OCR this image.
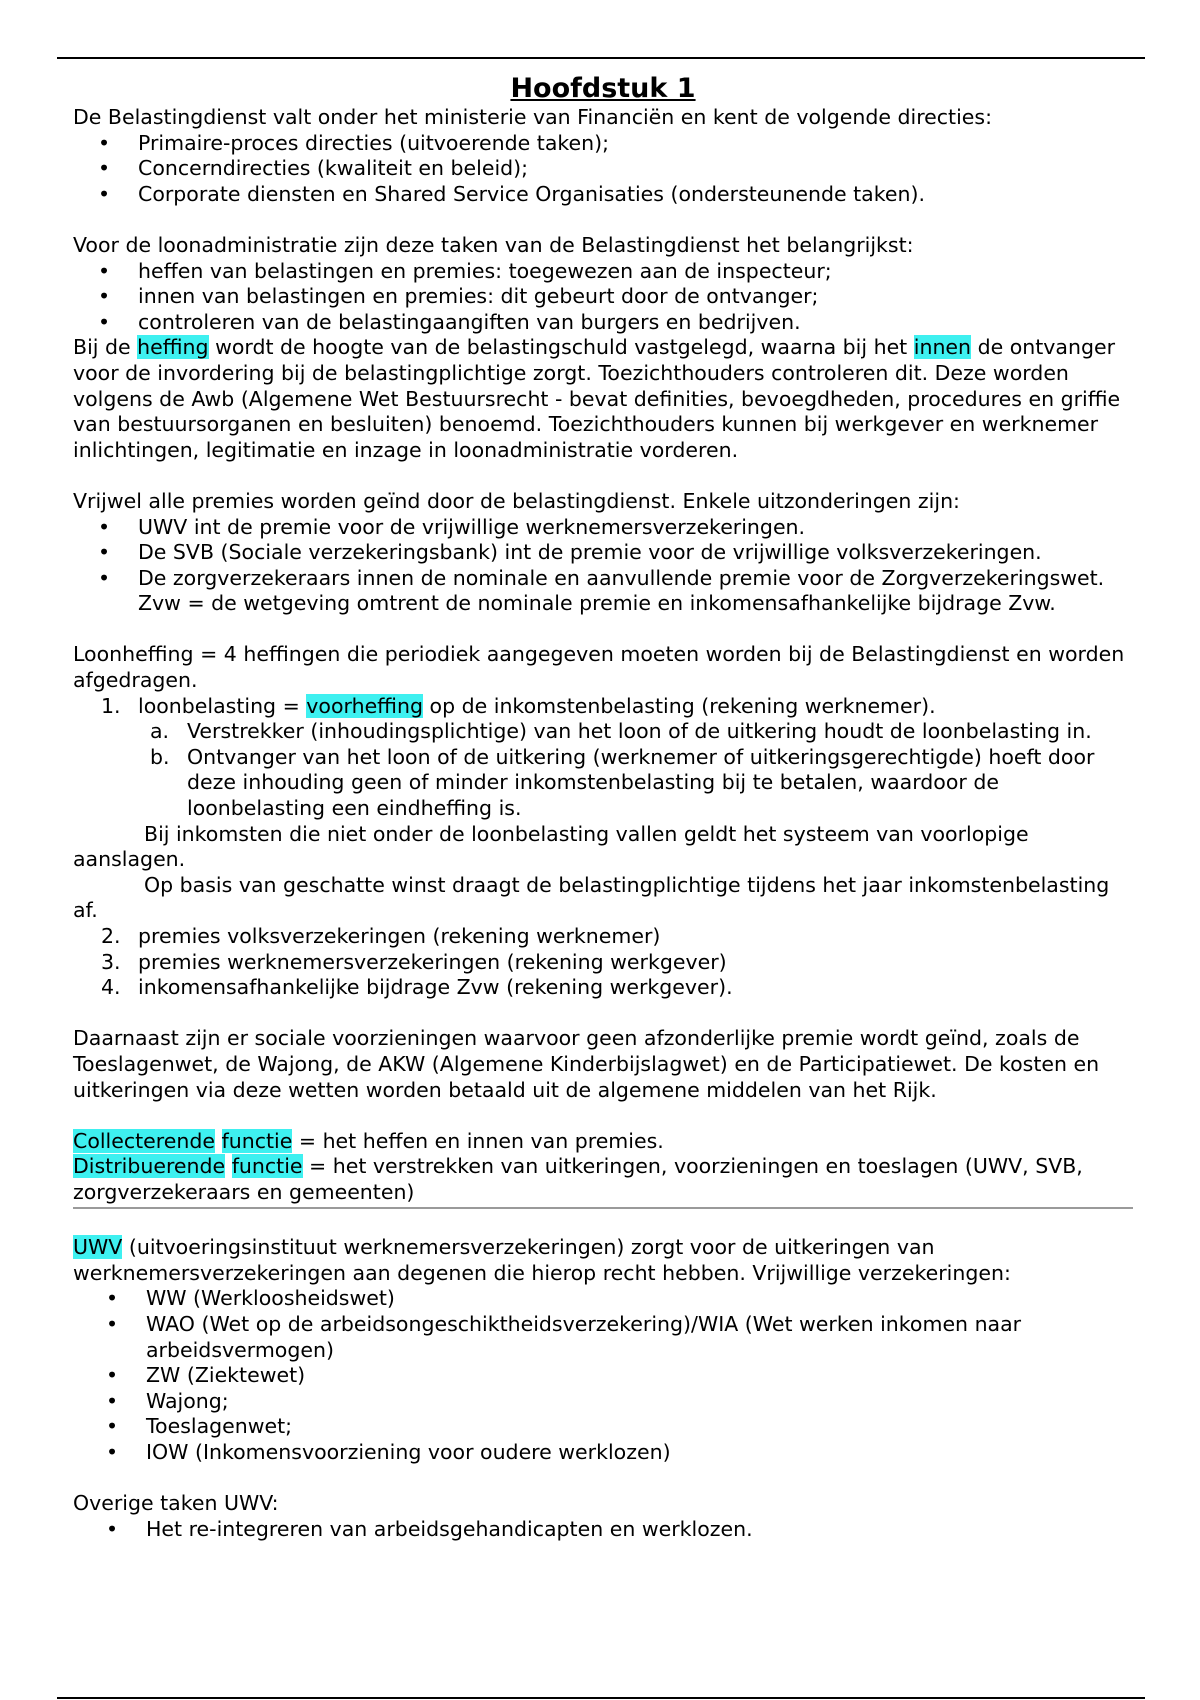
Hoofdstuk 1

De Belastingdienst valt onder het ministerie van Financiën en kent de volgende directies:

• Primaire-proces directies (uitvoerende taken);
• Concerndirecties (kwaliteit en beleid);
• Corporate diensten en Shared Service Organisaties (ondersteunende taken).

Voor de loonadministratie zijn deze taken van de Belastingdienst het belangrijkst:

• heffen van belastingen en premies: toegewezen aan de inspecteur;
• innen van belastingen en premies: dit gebeurt door de ontvanger;
• controleren van de belastingaangiften van burgers en bedrijven.

Bij de heffing wordt de hoogte van de belastingschuld vastgelegd, waarna bij het innen de ontvanger voor de invordering bij de belastingplichtige zorgt. Toezichthouders controleren dit. Deze worden volgens de Awb (Algemene Wet Bestuursrecht - bevat definities, bevoegdheden, procedures en griffie van bestuursorganen en besluiten) benoemd. Toezichthouders kunnen bij werkgever en werknemer inlichtingen, legitimatie en inzage in loonadministratie vorderen.

Vrijwel alle premies worden geïnd door de belastingdienst. Enkele uitzonderingen zijn:

• UWV int de premie voor de vrijwillige werknemersverzekeringen.
• De SVB (Sociale verzekeringsbank) int de premie voor de vrijwillige volksverzekeringen.
• De zorgverzekeraars innen de nominale en aanvullende premie voor de Zorgverzekeringswet. Zvw = de wetgeving omtrent de nominale premie en inkomensafhankelijke bijdrage Zvw.

Loonheffing = 4 heffingen die periodiek aangegeven moeten worden bij de Belastingdienst en worden afgedragen.

1. loonbelasting = voorheffing op de inkomstenbelasting (rekening werknemer).
a. Verstrekker (inhoudingsplichtige) van het loon of de uitkering houdt de loonbelasting in.
b. Ontvanger van het loon of de uitkering (werknemer of uitkeringsgerechtigde) hoeft door deze inhouding geen of minder inkomstenbelasting bij te betalen, waardoor de loonbelasting een eindheffing is.

Bij inkomsten die niet onder de loonbelasting vallen geldt het systeem van voorlopige aanslagen.

Op basis van geschatte winst draagt de belastingplichtige tijdens het jaar inkomstenbelasting af.

2. premies volksverzekeringen (rekening werknemer)
3. premies werknemersverzekeringen (rekening werkgever)
4. inkomensafhankelijke bijdrage Zvw (rekening werkgever).

Daarnaast zijn er sociale voorzieningen waarvoor geen afzonderlijke premie wordt geïnd, zoals de Toeslagenwet, de Wajong, de AKW (Algemene Kinderbijslagwet) en de Participatiewet. De kosten en uitkeringen via deze wetten worden betaald uit de algemene middelen van het Rijk.

Collecterende functie = het heffen en innen van premies.

Distribuerende functie = het verstrekken van uitkeringen, voorzieningen en toeslagen (UWV, SVB, zorgverzekeraars en gemeenten)

UWV (uitvoeringsinstituut werknemersverzekeringen) zorgt voor de uitkeringen van werknemersverzekeringen aan degenen die hierop recht hebben. Vrijwillige verzekeringen:

• WW (Werkloosheidswet)
• WAO (Wet op de arbeidsongeschiktheidsverzekering)/WIA (Wet werken inkomen naar arbeidsvermogen)
• ZW (Ziektewet)
• Wajong;
• Toeslagenwet;
• IOW (Inkomensvoorziening voor oudere werklozen)

Overige taken UWV:

• Het re-integreren van arbeidsgehandicapten en werklozen.
